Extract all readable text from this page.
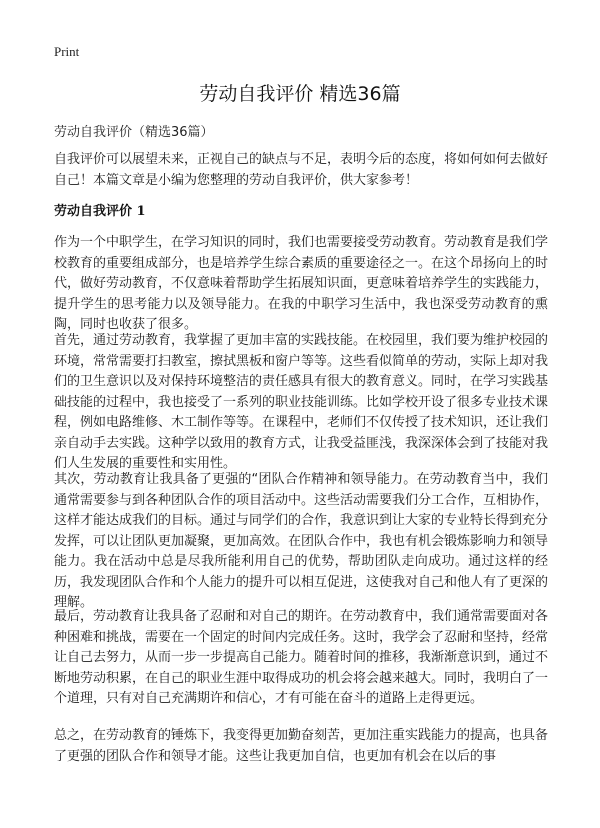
Print
劳动自我评价 精选36篇
劳动自我评价（精选36篇）

自我评价可以展望未来，正视自己的缺点与不足，表明今后的态度，将如何如何去做好自己！本篇文章是小编为您整理的劳动自我评价，供大家参考！

劳动自我评价 1

作为一个中职学生，在学习知识的同时，我们也需要接受劳动教育。劳动教育是我们学校教育的重要组成部分，也是培养学生综合素质的重要途径之一。在这个昂扬向上的时代，做好劳动教育，不仅意味着帮助学生拓展知识面，更意味着培养学生的实践能力，提升学生的思考能力以及领导能力。在我的中职学习生活中，我也深受劳动教育的熏陶，同时也收获了很多。

首先，通过劳动教育，我掌握了更加丰富的实践技能。在校园里，我们要为维护校园的环境，常常需要打扫教室，擦拭黑板和窗户等等。这些看似简单的劳动，实际上却对我们的卫生意识以及对保持环境整洁的责任感具有很大的教育意义。同时，在学习实践基础技能的过程中，我也接受了一系列的职业技能训练。比如学校开设了很多专业技术课程，例如电路维修、木工制作等等。在课程中，老师们不仅传授了技术知识，还让我们亲自动手去实践。这种学以致用的教育方式，让我受益匪浅，我深深体会到了技能对我们人生发展的重要性和实用性。

其次，劳动教育让我具备了更强的“团队合作精神和领导能力。在劳动教育当中，我们通常需要参与到各种团队合作的项目活动中。这些活动需要我们分工合作，互相协作，这样才能达成我们的目标。通过与同学们的合作，我意识到让大家的专业特长得到充分发挥，可以让团队更加凝聚，更加高效。在团队合作中，我也有机会锻炼影响力和领导能力。我在活动中总是尽我所能利用自己的优势，帮助团队走向成功。通过这样的经历，我发现团队合作和个人能力的提升可以相互促进，这使我对自己和他人有了更深的理解。

最后，劳动教育让我具备了忍耐和对自己的期许。在劳动教育中，我们通常需要面对各种困难和挑战，需要在一个固定的时间内完成任务。这时，我学会了忍耐和坚持，经常让自己去努力，从而一步一步提高自己能力。随着时间的推移，我渐渐意识到，通过不断地劳动积累，在自己的职业生涯中取得成功的机会将会越来越大。同时，我明白了一个道理，只有对自己充满期许和信心，才有可能在奋斗的道路上走得更远。

总之，在劳动教育的锤炼下，我变得更加勤奋刻苦，更加注重实践能力的提高，也具备了更强的团队合作和领导才能。这些让我更加自信，也更加有机会在以后的事
